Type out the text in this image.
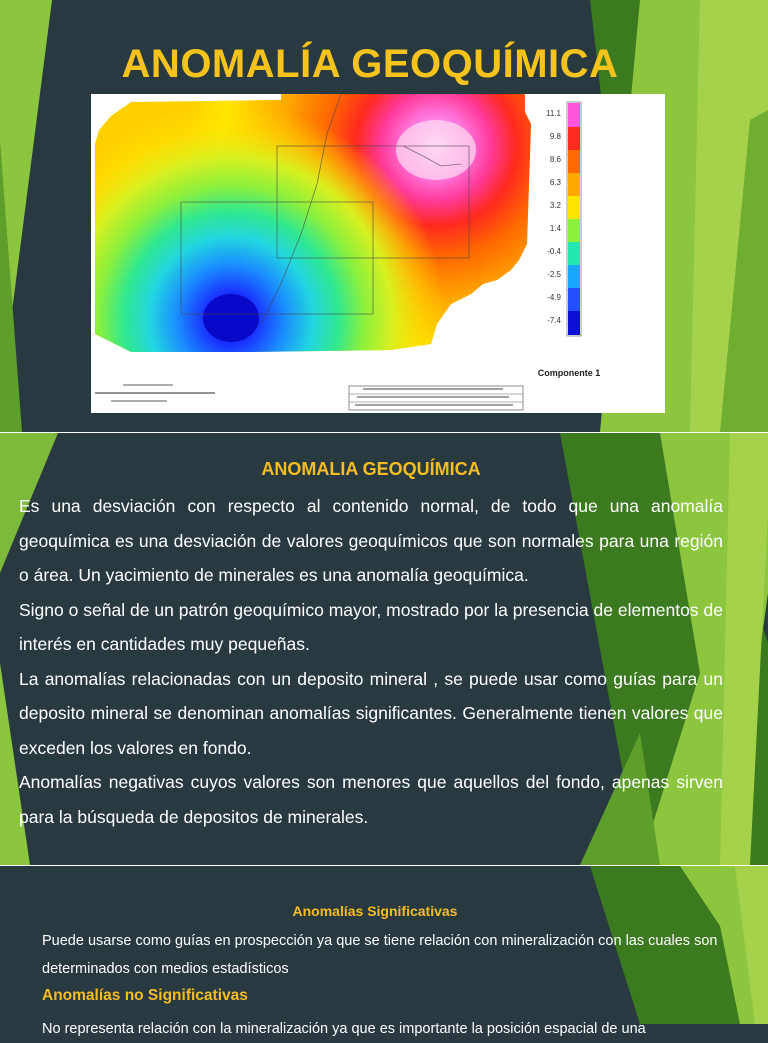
ANOMALÍA GEOQUÍMICA
11.1
9.8
8.6
6.3
3.2
1.4
-0.4
-2.5
-4.9
-7.4
Componente 1
ANOMALIA GEOQUÍMICA

Es una desviación con respecto al contenido normal, de todo que una anomalía geoquímica es una desviación de valores geoquímicos que son normales para una región o área. Un yacimiento de minerales es una anomalía geoquímica.

Signo o señal de un patrón geoquímico mayor, mostrado por la presencia de elementos de interés en cantidades muy pequeñas.

La anomalías relacionadas con un deposito mineral , se puede usar como guías para un deposito mineral se denominan anomalías significantes. Generalmente tienen valores que exceden los valores en fondo.

Anomalías negativas cuyos valores son menores que aquellos del fondo, apenas sirven para la búsqueda de depositos de minerales.

Anomalías Significativas
Puede usarse como guías en prospección ya que se tiene relación con mineralización con las cuales son determinados con medios estadísticos
Anomalías no Significativas
No representa relación con la mineralización ya que es importante la posición espacial de una
